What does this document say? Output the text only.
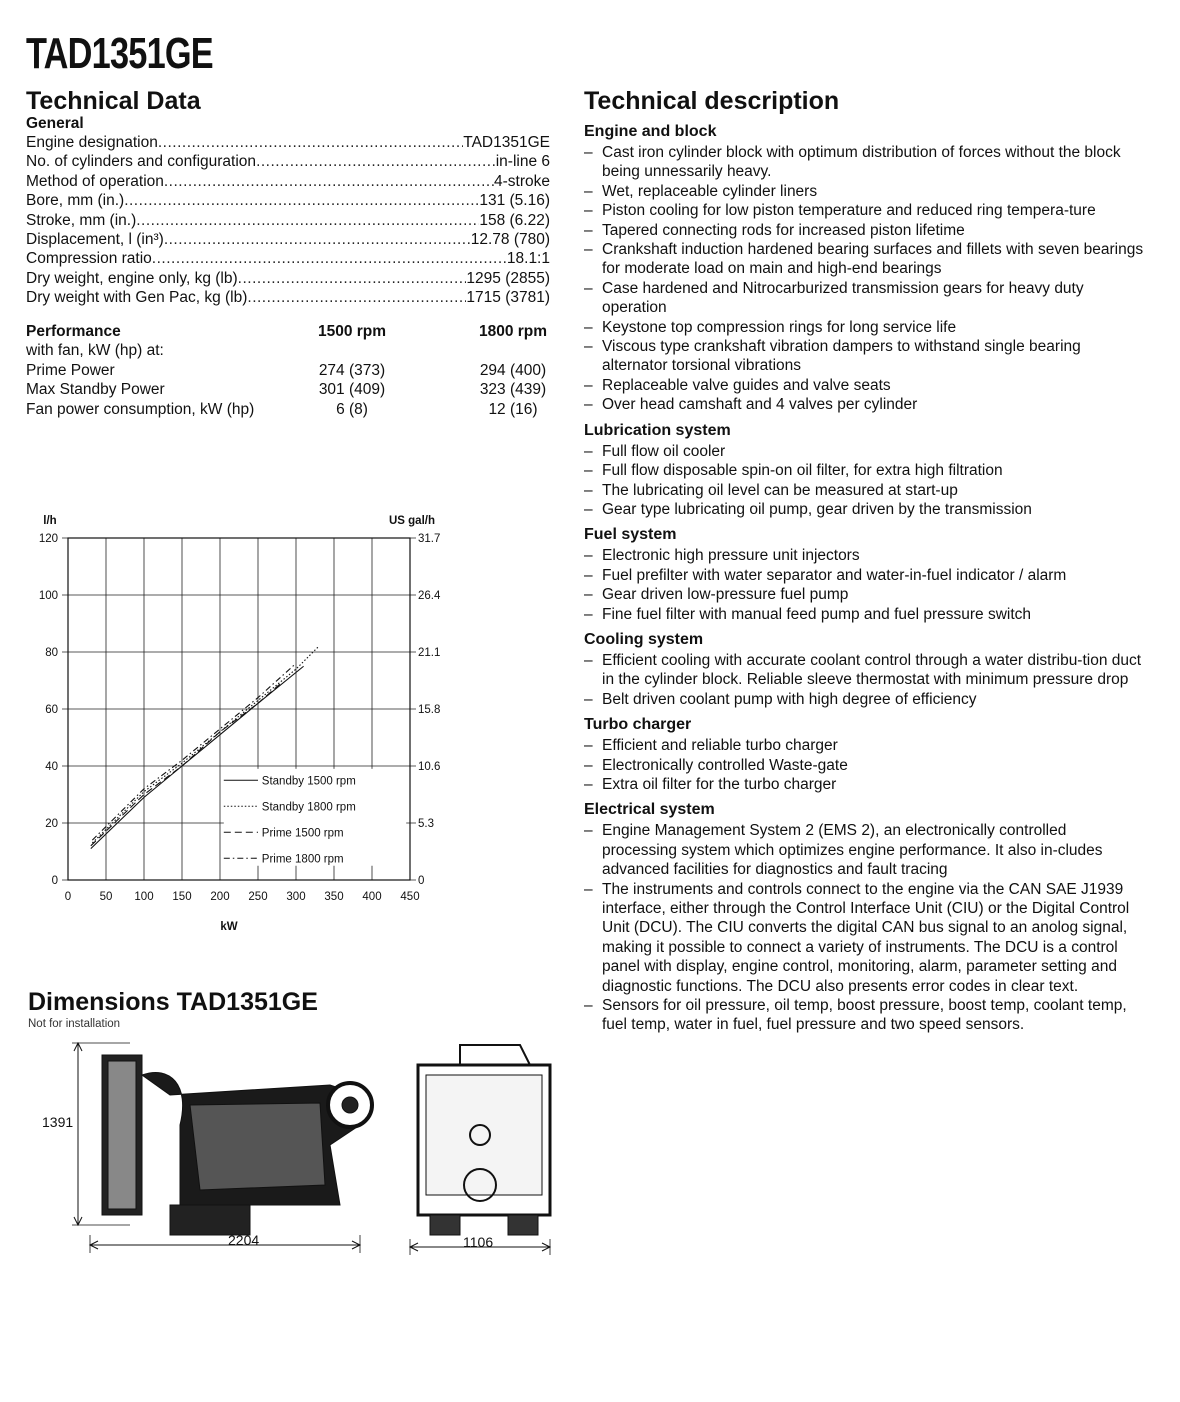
TAD1351GE
Technical Data
General
Engine designation .....	TAD1351GE
No. of cylinders and configuration .....	in-line 6
Method of operation .....	4-stroke
Bore, mm (in.) .....	131 (5.16)
Stroke, mm (in.) .....	158 (6.22)
Displacement, l (in³) .....	12.78 (780)
Compression ratio .....	18.1:1
Dry weight, engine only, kg (lb) .....	1295 (2855)
Dry weight with Gen Pac, kg (lb) .....	1715 (3781)
Performance	1500 rpm	1800 rpm
with fan, kW (hp) at:
Prime Power	274 (373)	294 (400)
Max Standby Power	301 (409)	323 (439)
Fan power consumption, kW (hp)	6 (8)	12 (16)
0 50 100 150 200 250 300 350 400 450
0
20
40
60
80
100
120
0
5.3
10.6
15.8
21.1
26.4
31.7
l/h	US gal/h
kW
Standby 1500 rpm
Standby 1800 rpm
Prime 1500 rpm
Prime 1800 rpm
Dimensions TAD1351GE
Not for installation
1391
2204	1106
Technical description
Engine and block
– Cast iron cylinder block with optimum distribution of forces without the block being unnessarily heavy.
– Wet, replaceable cylinder liners
– Piston cooling for low piston temperature and reduced ring tempera-ture
– Tapered connecting rods for increased piston lifetime
– Crankshaft induction hardened bearing surfaces and fillets with seven bearings for moderate load on main and high-end bearings
– Case hardened and Nitrocarburized transmission gears for heavy duty operation
– Keystone top compression rings for long service life
– Viscous type crankshaft vibration dampers to withstand single bearing alternator torsional vibrations
– Replaceable valve guides and valve seats
– Over head camshaft and 4 valves per cylinder
Lubrication system
– Full flow oil cooler
– Full flow disposable spin-on oil filter, for extra high filtration
– The lubricating oil level can be measured at start-up
– Gear type lubricating oil pump, gear driven by the transmission
Fuel system
– Electronic high pressure unit injectors
– Fuel prefilter with water separator and water-in-fuel indicator / alarm
– Gear driven low-pressure fuel pump
– Fine fuel filter with manual feed pump and fuel pressure switch
Cooling system
– Efficient cooling with accurate coolant control through a water distribu-tion duct in the cylinder block. Reliable sleeve thermostat with minimum pressure drop
– Belt driven coolant pump with high degree of efficiency
Turbo charger
– Efficient and reliable turbo charger
– Electronically controlled Waste-gate
– Extra oil filter for the turbo charger
Electrical system
– Engine Management System 2 (EMS 2), an electronically controlled processing system which optimizes engine performance. It also in-cludes advanced facilities for diagnostics and fault tracing
– The instruments and controls connect to the engine via the CAN SAE J1939 interface, either through the Control Interface Unit (CIU) or the Digital Control Unit (DCU). The CIU converts the digital CAN bus signal to an anolog signal, making it possible to connect a variety of instruments. The DCU is a control panel with display, engine control, monitoring, alarm, parameter setting and diagnostic functions. The DCU also presents error codes in clear text.
– Sensors for oil pressure, oil temp, boost pressure, boost temp, coolant temp, fuel temp, water in fuel, fuel pressure and two speed sensors.
